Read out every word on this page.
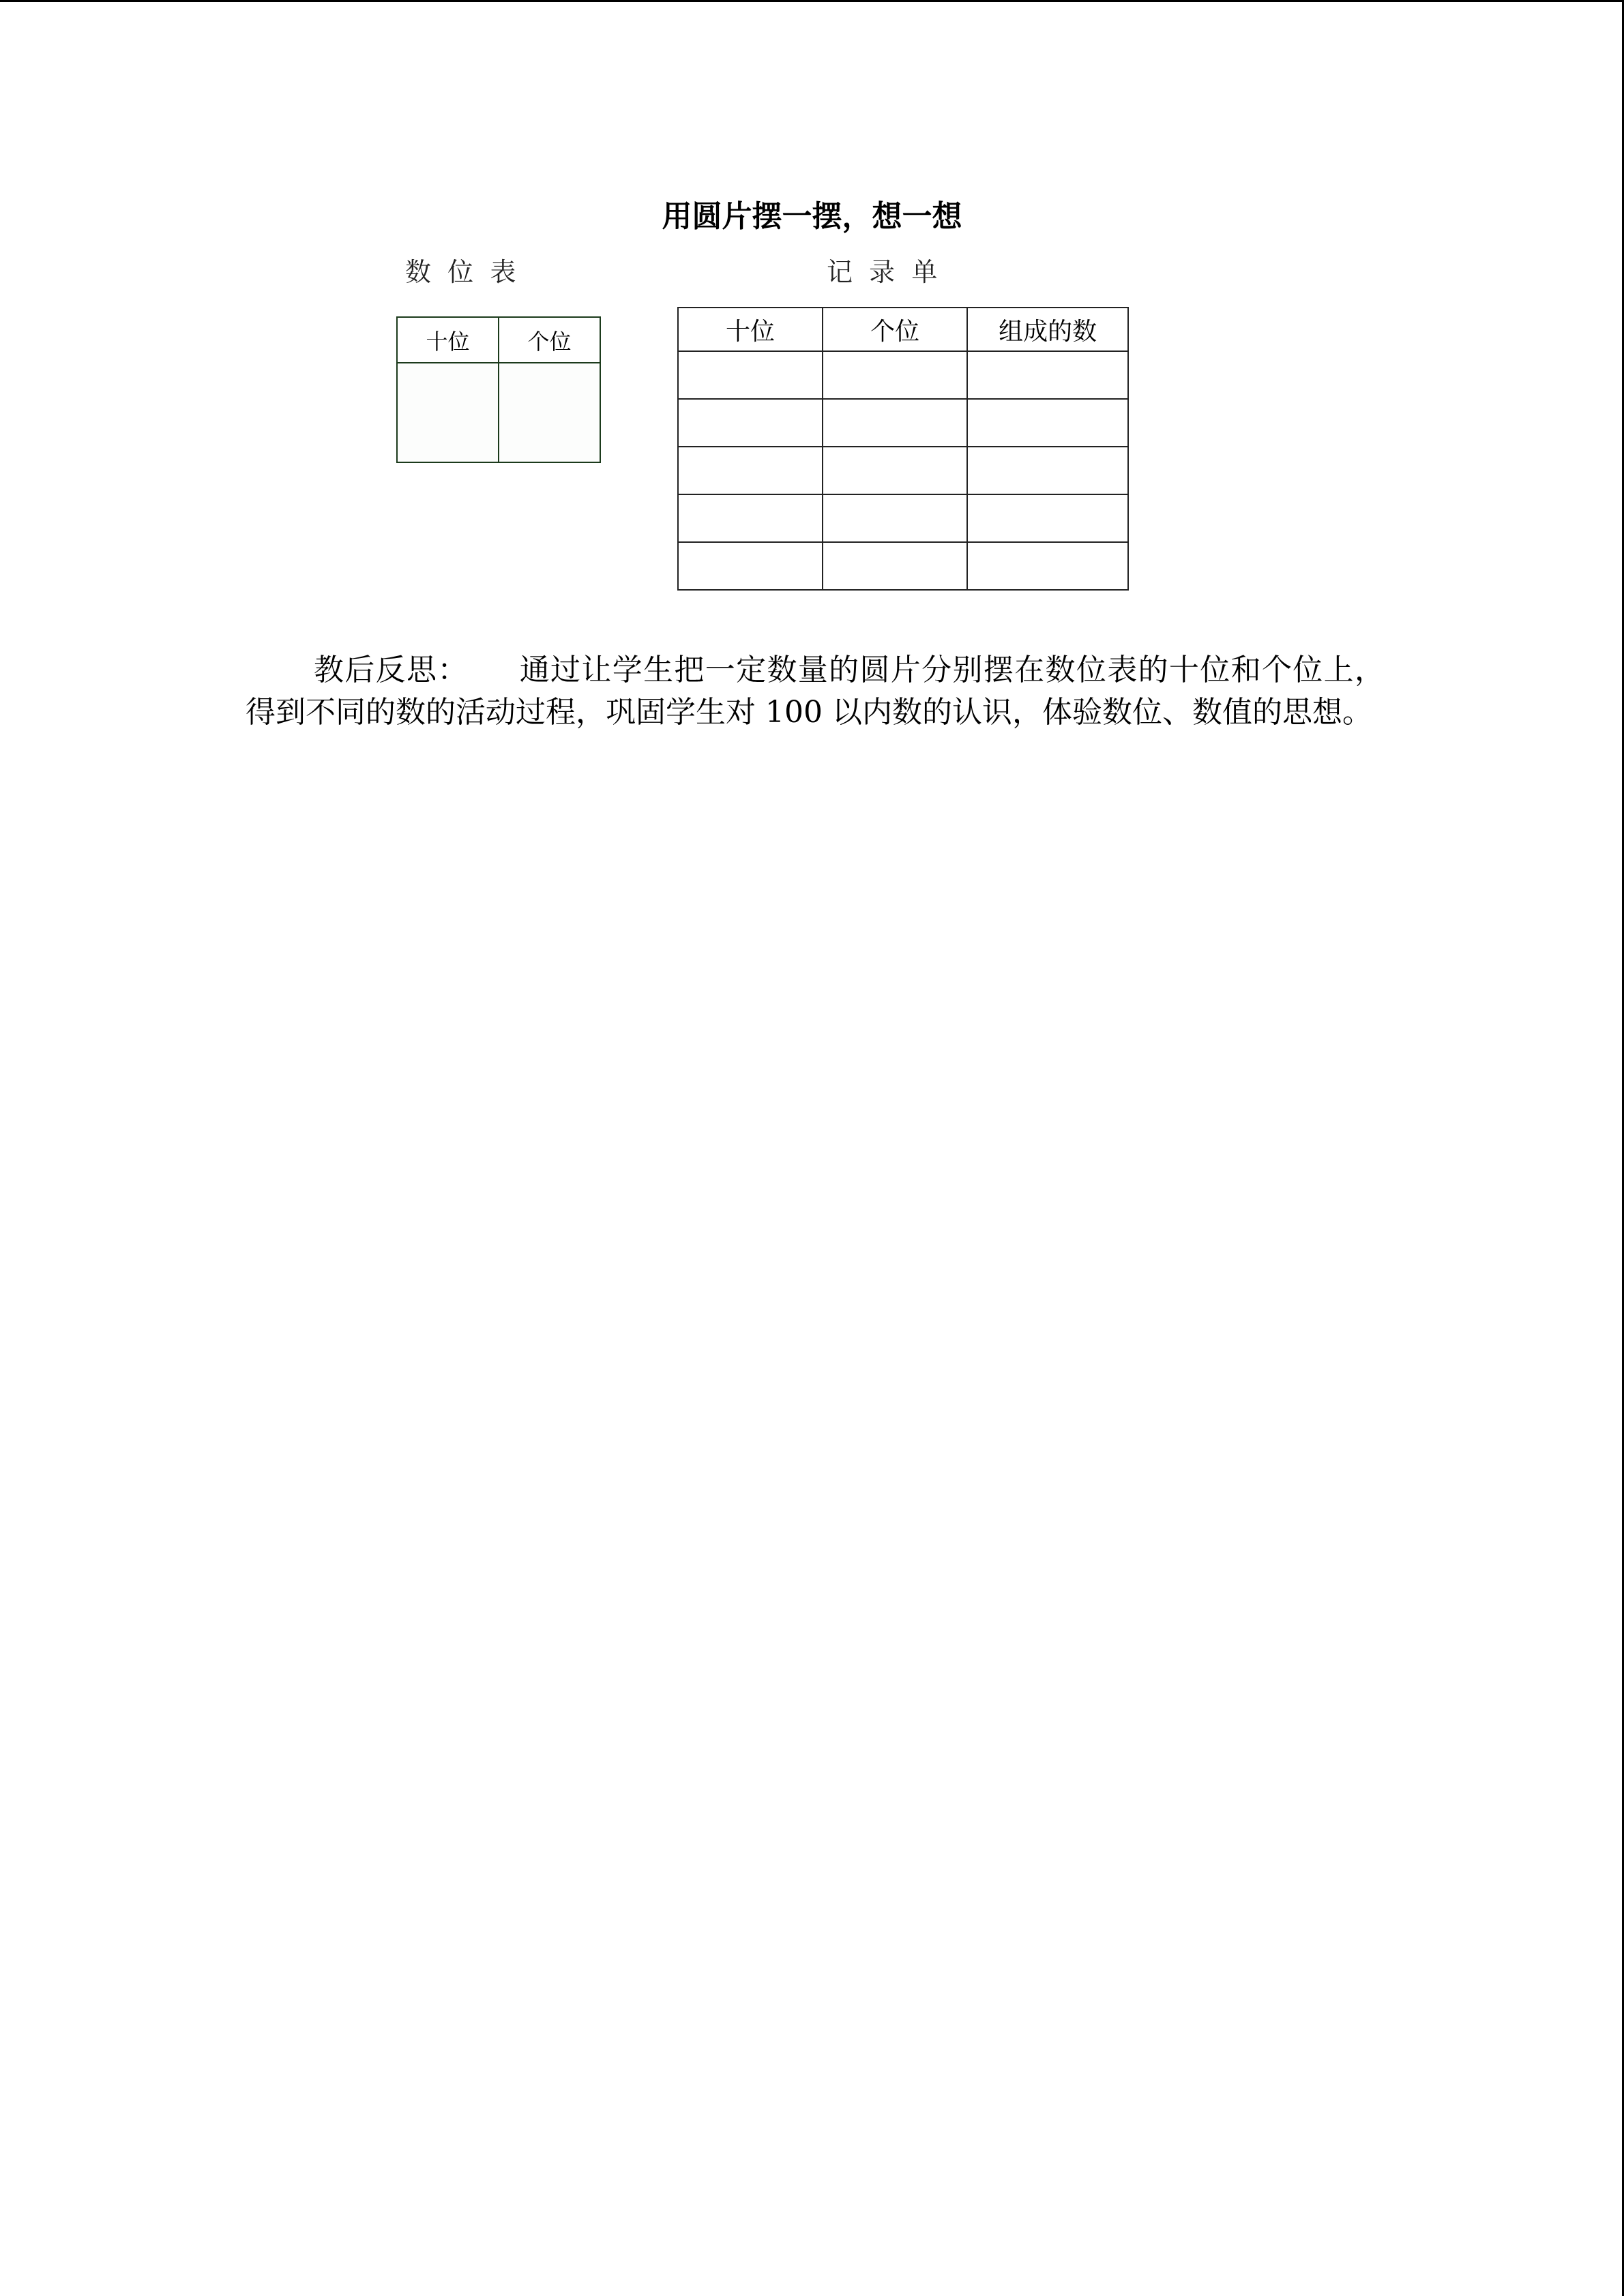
用圆片摆一摆，想一想
数  位  表	记  录  单
十位	个位
		十位	个位	组成的数

教后反思： 通过让学生把一定数量的圆片分别摆在数位表的十位和个位上，得到不同的数的活动过程，巩固学生对 100 以内数的认识，体验数位、数值的思想。
